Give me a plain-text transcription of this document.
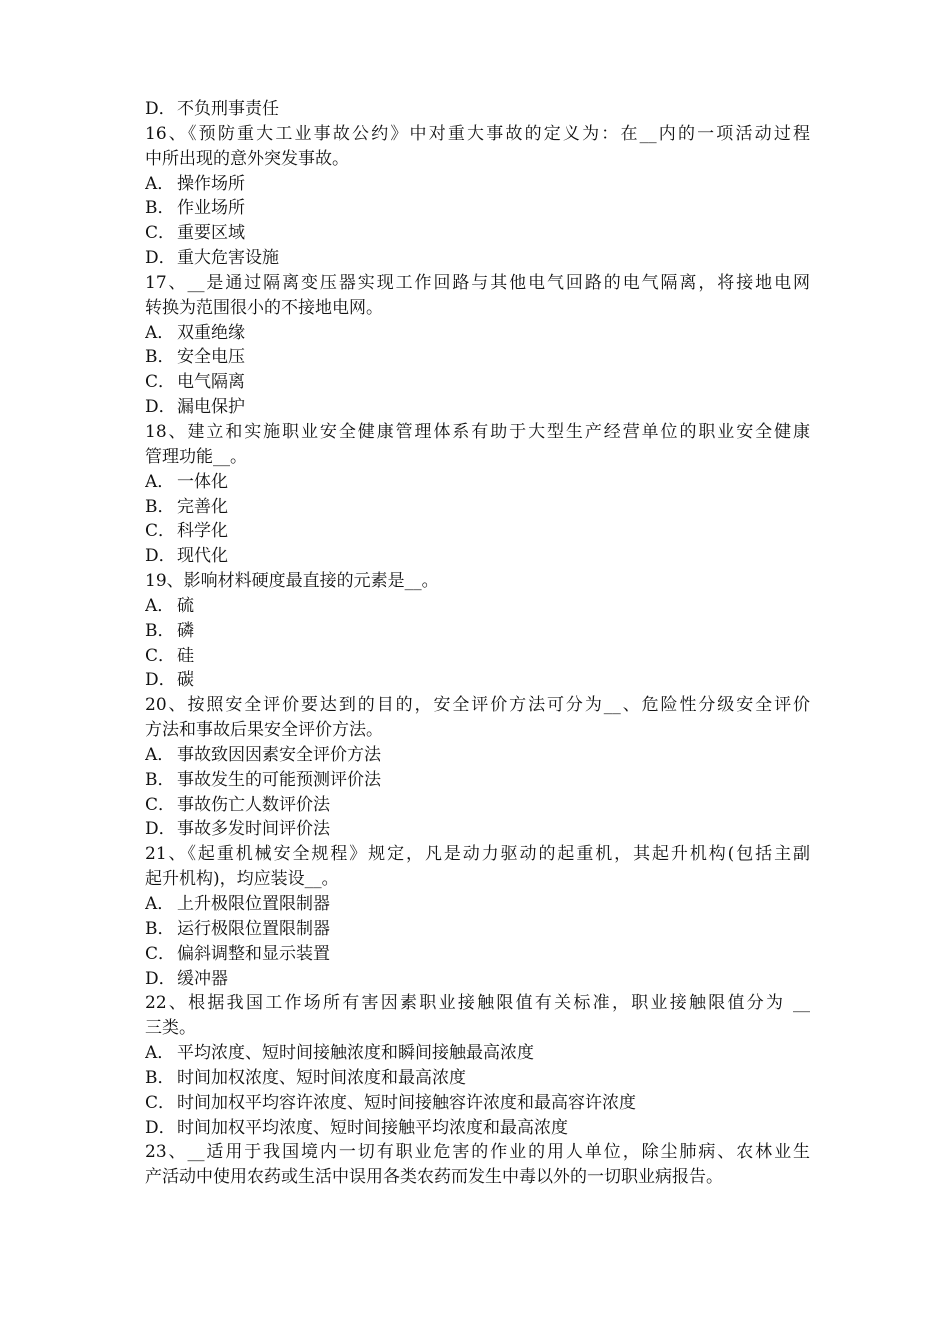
D．不负刑事责任
16、《预防重大工业事故公约》中对重大事故的定义为：在__内的一项活动过程
中所出现的意外突发事故。
A． 操作场所
B． 作业场所
C． 重要区域
D．重大危害设施
17、__是通过隔离变压器实现工作回路与其他电气回路的电气隔离，将接地电网
转换为范围很小的不接地电网。
A． 双重绝缘
B． 安全电压
C． 电气隔离
D．漏电保护
18、建立和实施职业安全健康管理体系有助于大型生产经营单位的职业安全健康
管理功能__。
A． 一体化
B． 完善化
C． 科学化
D．现代化
19、影响材料硬度最直接的元素是__。
A． 硫
B． 磷
C． 硅
D．碳
20、按照安全评价要达到的目的，安全评价方法可分为__、危险性分级安全评价
方法和事故后果安全评价方法。
A． 事故致因因素安全评价方法
B． 事故发生的可能预测评价法
C． 事故伤亡人数评价法
D．事故多发时间评价法
21、《起重机械安全规程》规定，凡是动力驱动的起重机，其起升机构(包括主副
起升机构)，均应装设__。
A． 上升极限位置限制器
B． 运行极限位置限制器
C． 偏斜调整和显示装置
D．缓冲器
22、根据我国工作场所有害因素职业接触限值有关标准，职业接触限值分为 __
三类。
A． 平均浓度、短时间接触浓度和瞬间接触最高浓度
B． 时间加权浓度、短时间浓度和最高浓度
C． 时间加权平均容许浓度、短时间接触容许浓度和最高容许浓度
D．时间加权平均浓度、短时间接触平均浓度和最高浓度
23、__适用于我国境内一切有职业危害的作业的用人单位，除尘肺病、农林业生
产活动中使用农药或生活中误用各类农药而发生中毒以外的一切职业病报告。
